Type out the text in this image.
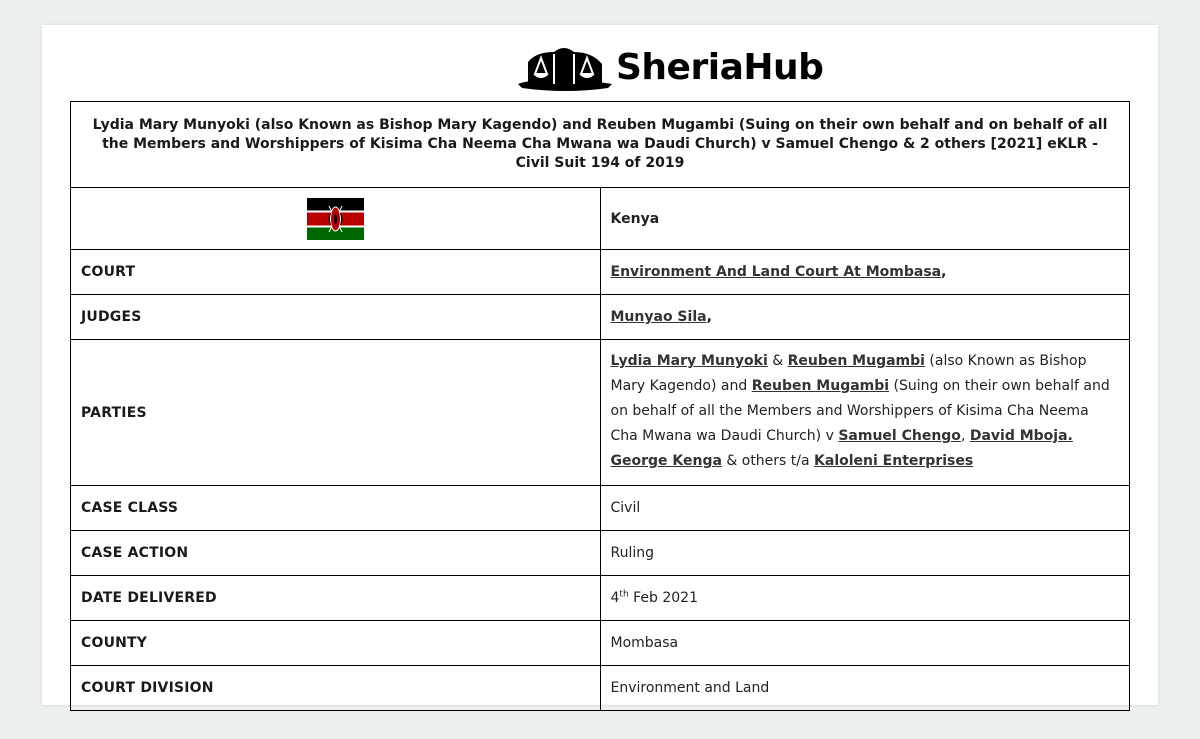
SheriaHub
Lydia Mary Munyoki (also Known as Bishop Mary Kagendo) and Reuben Mugambi (Suing on their own behalf and on behalf of all the Members and Worshippers of Kisima Cha Neema Cha Mwana wa Daudi Church) v Samuel Chengo & 2 others [2021] eKLR - Civil Suit 194 of 2019	
	Kenya
COURT	Environment And Land Court At Mombasa,
JUDGES	Munyao Sila,
PARTIES	Lydia Mary Munyoki & Reuben Mugambi (also Known as Bishop Mary Kagendo) and Reuben Mugambi (Suing on their own behalf and on behalf of all the Members and Worshippers of Kisima Cha Neema Cha Mwana wa Daudi Church) v Samuel Chengo, David Mboja. George Kenga & others t/a Kaloleni Enterprises
CASE CLASS	Civil
CASE ACTION	Ruling
DATE DELIVERED	4th Feb 2021
COUNTY	Mombasa
COURT DIVISION	Environment and Land
